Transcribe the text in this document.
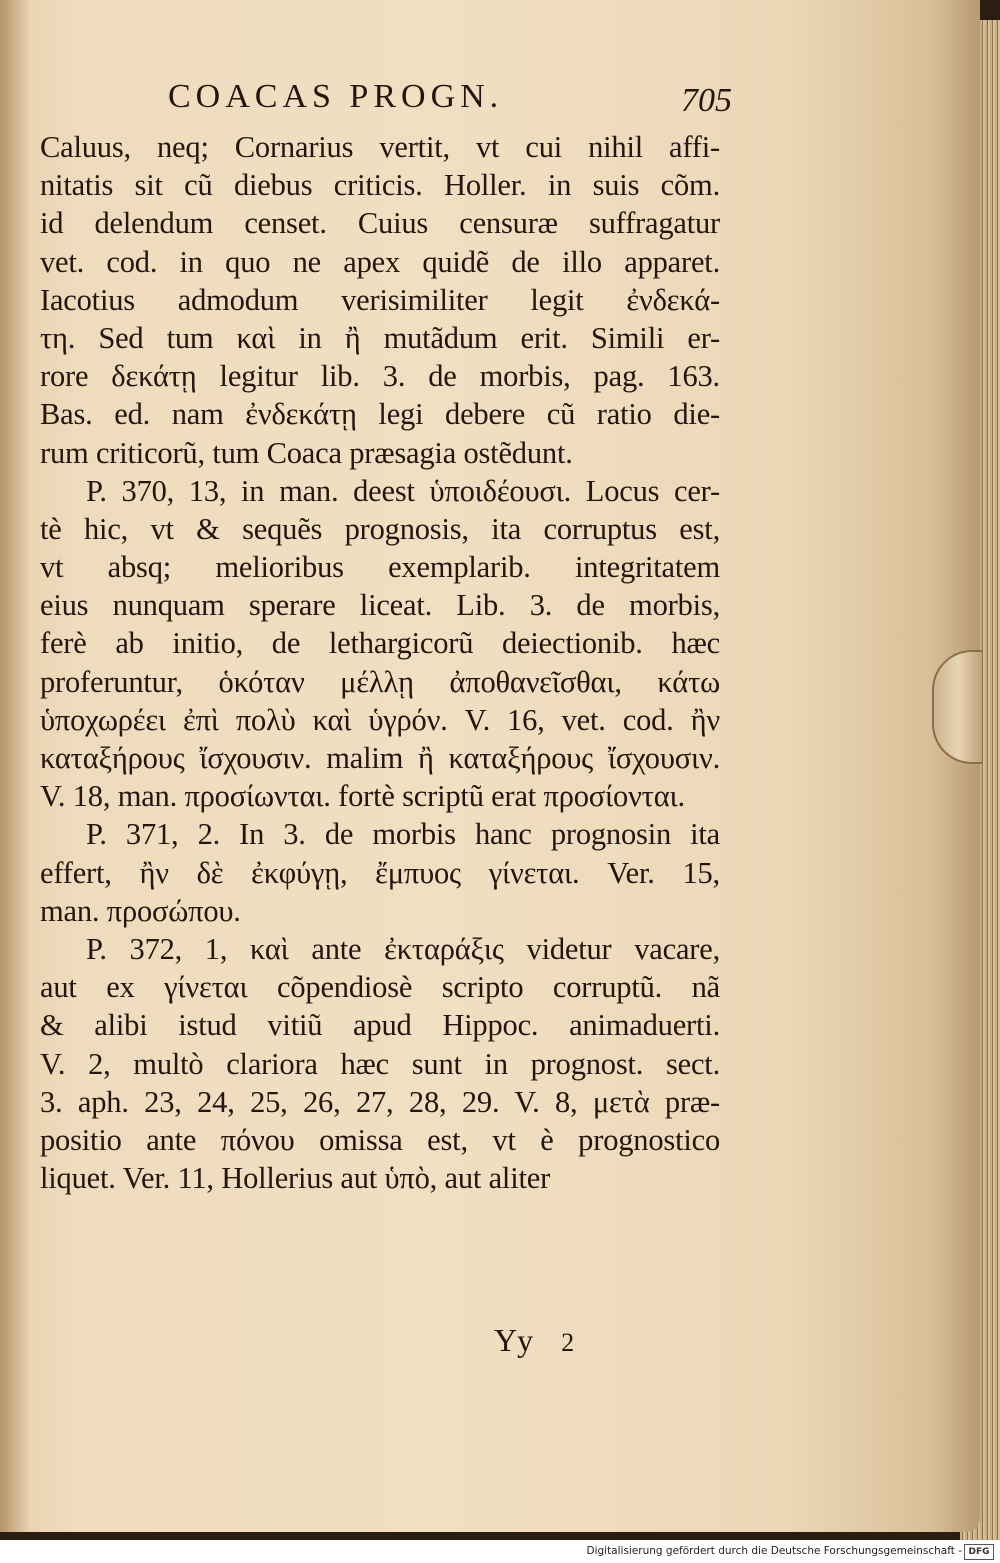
COACAS PROGN.	705
Caluus, neq; Cornarius vertit, vt cui nihil affi-
nitatis sit cũ diebus criticis. Holler. in suis cõm.
id delendum censet. Cuius censuræ suffragatur
vet. cod. in quo ne apex quidẽ de illo apparet.
Iacotius admodum verisimiliter legit ἐνδεκά-
τη. Sed tum καὶ in ἢ mutãdum erit. Simili er-
rore δεκάτῃ legitur lib. 3. de morbis, pag. 163.
Bas. ed. nam ἐνδεκάτῃ legi debere cũ ratio die-
rum criticorũ, tum Coaca præsagia ostẽdunt.
P. 370, 13, in man. deest ὑποιδέουσι. Locus cer-
tè hic, vt & sequẽs prognosis, ita corruptus est,
vt absq; melioribus exemplarib. integritatem
eius nunquam sperare liceat. Lib. 3. de morbis,
ferè ab initio, de lethargicorũ deiectionib. hæc
proferuntur, ὁκόταν μέλλῃ ἀποθανεῖσθαι, κάτω
ὑποχωρέει ἐπὶ πολὺ καὶ ὑγρόν. V. 16, vet. cod. ἢν
καταξήρους ἴσχουσιν. malim ἢ καταξήρους ἴσχουσιν.
V. 18, man. προσίωνται. fortè scriptũ erat προσίονται.
P. 371, 2. In 3. de morbis hanc prognosin ita
effert, ἢν δὲ ἐκφύγῃ, ἔμπυος γίνεται. Ver. 15,
man. προσώπου.
P. 372, 1, καὶ ante ἐκταράξις videtur vacare,
aut ex γίνεται cõpendiosè scripto corruptũ. nã
& alibi istud vitiũ apud Hippoc. animaduerti.
V. 2, multò clariora hæc sunt in prognost. sect.
3. aph. 23, 24, 25, 26, 27, 28, 29. V. 8, μετὰ præ-
positio ante πόνου omissa est, vt è prognostico
liquet. Ver. 11, Hollerius aut ὑπὸ, aut aliter
Yy 2
Digitalisierung gefördert durch die Deutsche Forschungsgemeinschaft - DFG
